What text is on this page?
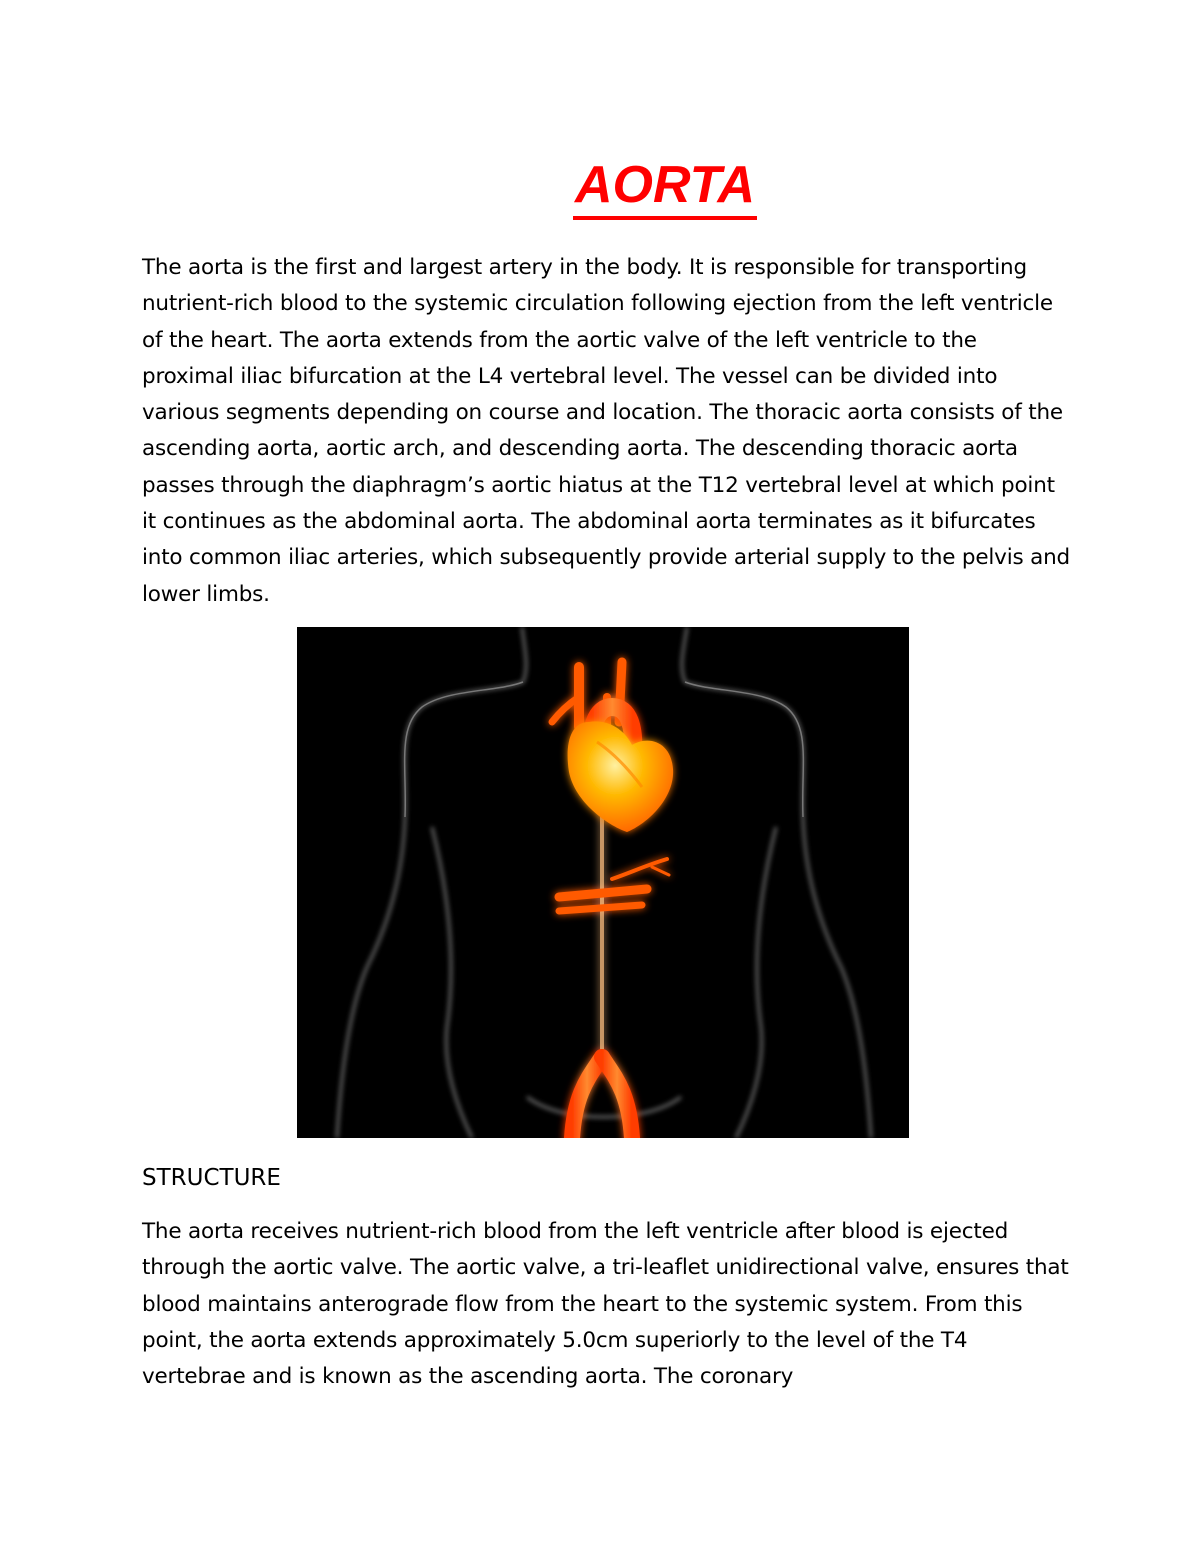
AORTA

The aorta is the first and largest artery in the body. It is responsible for transporting nutrient-rich blood to the systemic circulation following ejection from the left ventricle of the heart. The aorta extends from the aortic valve of the left ventricle to the proximal iliac bifurcation at the L4 vertebral level. The vessel can be divided into various segments depending on course and location. The thoracic aorta consists of the ascending aorta, aortic arch, and descending aorta. The descending thoracic aorta passes through the diaphragm’s aortic hiatus at the T12 vertebral level at which point it continues as the abdominal aorta. The abdominal aorta terminates as it bifurcates into common iliac arteries, which subsequently provide arterial supply to the pelvis and lower limbs.

STRUCTURE

The aorta receives nutrient-rich blood from the left ventricle after blood is ejected through the aortic valve. The aortic valve, a tri-leaflet unidirectional valve, ensures that blood maintains anterograde flow from the heart to the systemic system. From this point, the aorta extends approximately 5.0cm superiorly to the level of the T4 vertebrae and is known as the ascending aorta. The coronary
